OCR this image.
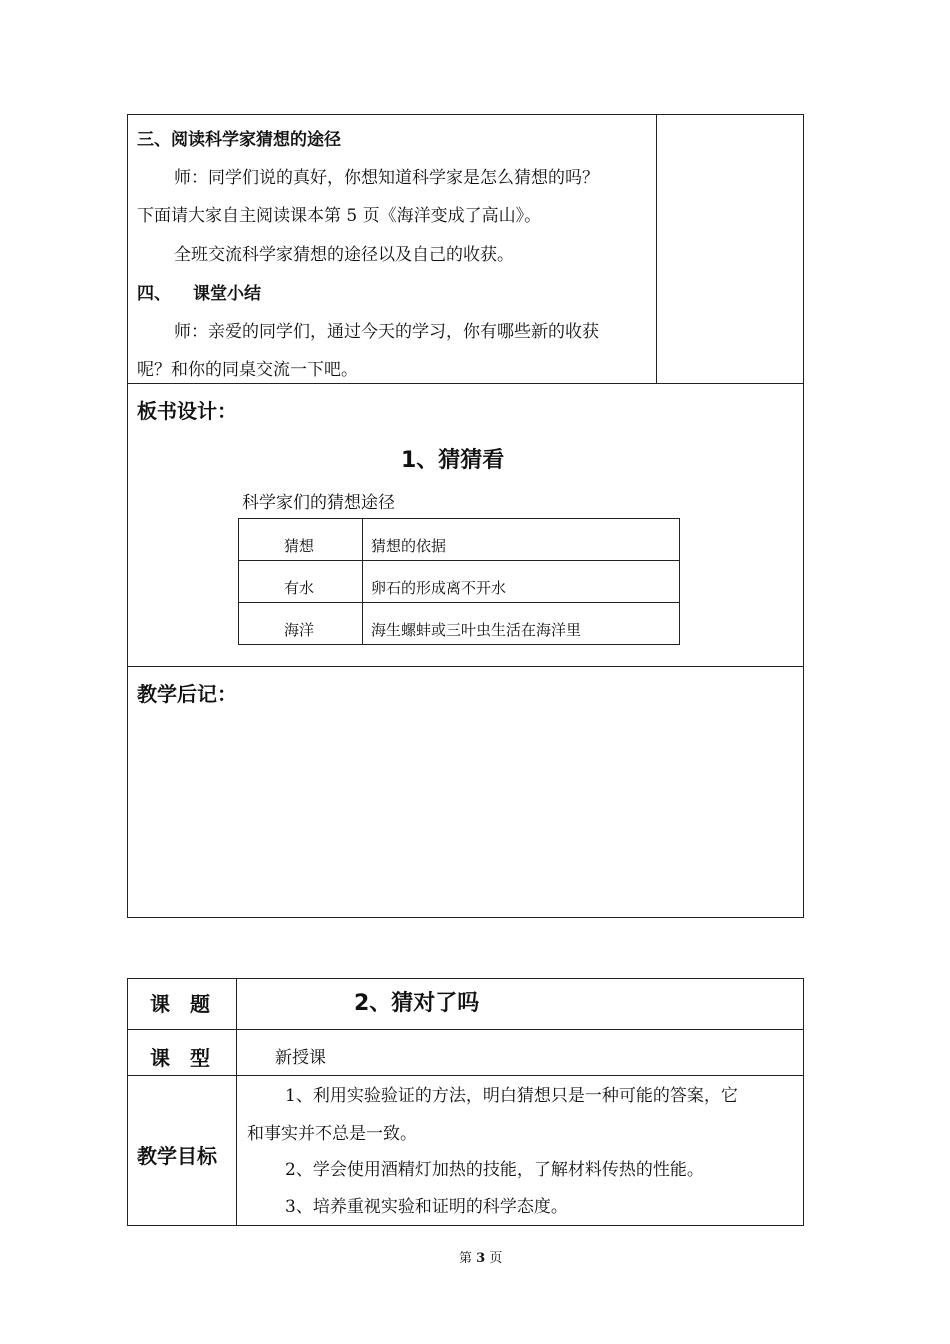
三、阅读科学家猜想的途径
师：同学们说的真好，你想知道科学家是怎么猜想的吗？
下面请大家自主阅读课本第 5 页《海洋变成了高山》。
全班交流科学家猜想的途径以及自己的收获。
四、 课堂小结
师：亲爱的同学们，通过今天的学习，你有哪些新的收获
呢？和你的同桌交流一下吧。
板书设计：
1、猜猜看
科学家们的猜想途径
猜想	猜想的依据
有水	卵石的形成离不开水
海洋	海生螺蚌或三叶虫生活在海洋里
教学后记：
课　题	2、猜对了吗
课　型	新授课
教学目标
1、利用实验验证的方法，明白猜想只是一种可能的答案，它
和事实并不总是一致。
2、学会使用酒精灯加热的技能，了解材料传热的性能。
3、培养重视实验和证明的科学态度。
第 3 页
